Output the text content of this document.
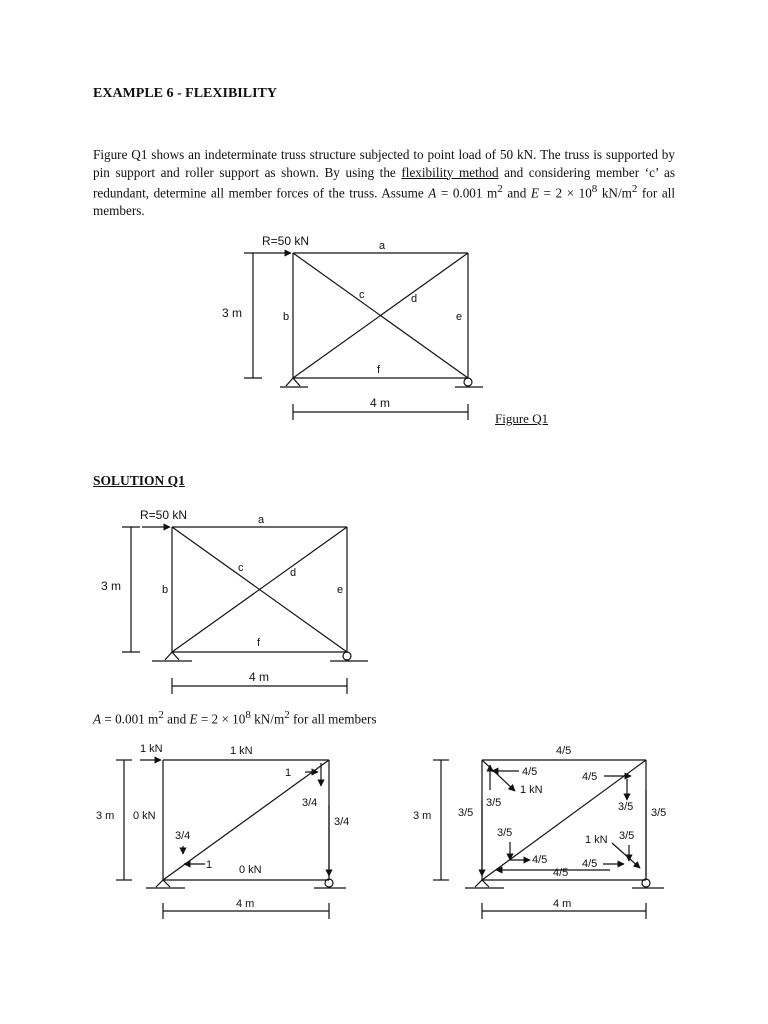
EXAMPLE 6 - FLEXIBILITY
Figure Q1 shows an indeterminate truss structure subjected to point load of 50 kN. The truss is supported by pin support and roller support as shown. By using the flexibility method and considering member ‘c’ as redundant, determine all member forces of the truss. Assume A = 0.001 $m^2$ and $E = 2 \times 10^8$ $kN/m^2$ for all members.
Figure Q1
SOLUTION Q1
A = 0.001 $m^2$ and $E = 2 \times 10^8$ $kN/m^2$ for all members
R=50 kN	a
3 m	b
c	d
e
f
4 m
R=50 kN	a
3 m	b
c	d
e
f
4 m
1 kN	1 kN
3 m 0 kN
1
3/4
3/4
3/4
1 0 kN
4 m
4/5
4/5
1 kN
3/5
4/5
3/5
3 m 3/5	3/5
3/5
4/5
1 kN 3/5
4/5
4/5
4 m
